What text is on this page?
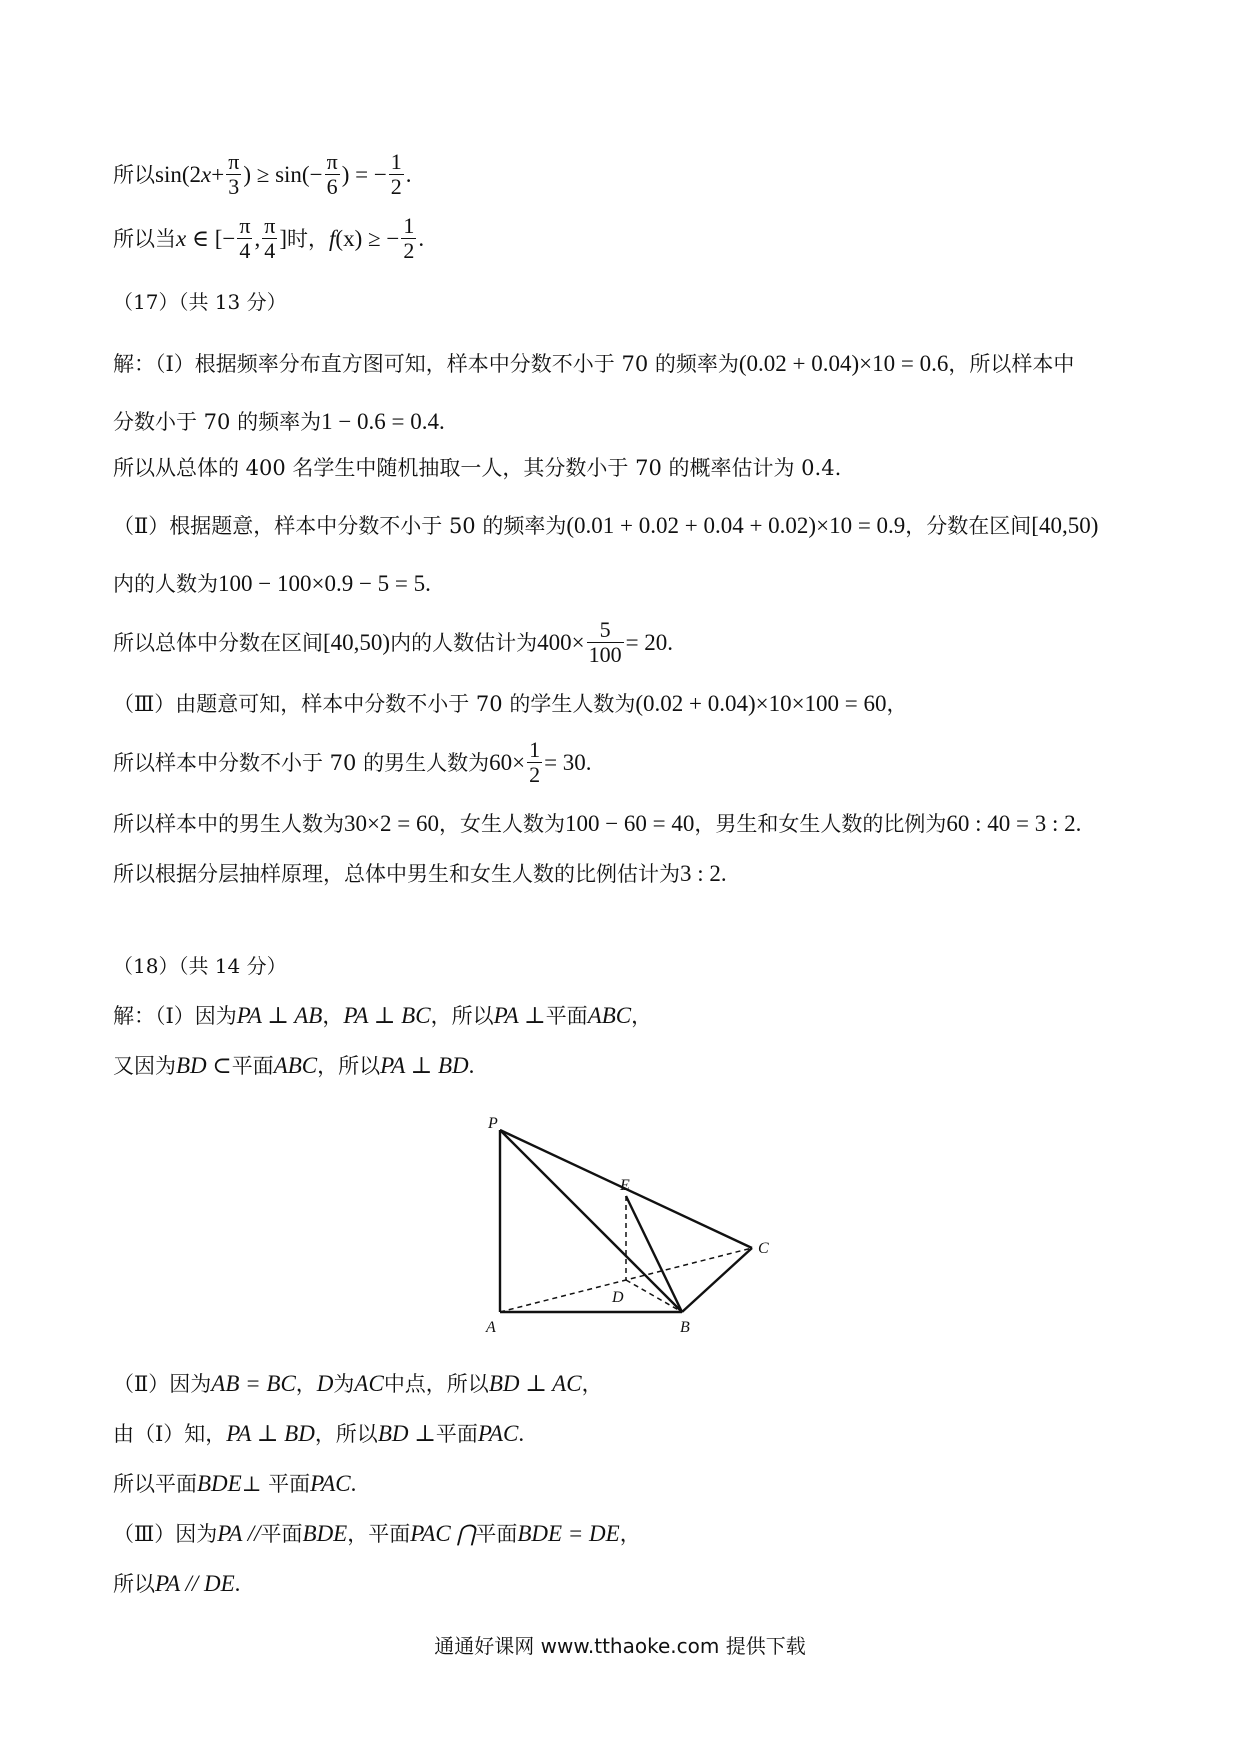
所以$\sin(2x+ \frac{\pi}{3}$ ) ≥ $\sin(- \frac{\pi}{6}$ ) = − $\frac{1}{2}$ .
所以当x ∈ [− $\frac{\pi}{4}$ , $\frac{\pi}{4}$ ]时，f(x) ≥ − $\frac{1}{2}$ .
（17）（共 13 分）
解：（Ⅰ）根据频率分布直方图可知，样本中分数不小于 70 的频率为(0.02 + 0.04)×10 = 0.6，所以样本中
分数小于 70 的频率为1 − 0.6 = 0.4.
所以从总体的 400 名学生中随机抽取一人，其分数小于 70 的概率估计为 0.4.
（Ⅱ）根据题意，样本中分数不小于 50 的频率为(0.01 + 0.02 + 0.04 + 0.02)×10 = 0.9，分数在区间[40,50)
内的人数为100 − 100×0.9 − 5 = 5.
所以总体中分数在区间[40,50)内的人数估计为$400\times \frac{5}{100} = 20$.
（Ⅲ）由题意可知，样本中分数不小于 70 的学生人数为(0.02 + 0.04)×10×100 = 60，
所以样本中分数不小于 70 的男生人数为$60\times \frac{1}{2} = 30$.
所以样本中的男生人数为30×2 = 60，女生人数为100 − 60 = 40，男生和女生人数的比例为60 : 40 = 3 : 2.
所以根据分层抽样原理，总体中男生和女生人数的比例估计为3 : 2.
（18）（共 14 分）
解：（Ⅰ）因为PA ⊥ AB，PA ⊥ BC，所以PA ⊥平面ABC，
又因为BD ⊂平面ABC，所以PA ⊥ BD.
P
E
C
D
A	B
（Ⅱ）因为AB = BC，D为AC中点，所以BD ⊥ AC，
由（Ⅰ）知，PA ⊥ BD，所以BD ⊥平面PAC.
所以平面BDE⊥ 平面PAC.
（Ⅲ）因为PA //平面BDE，平面PAC ⋂平面BDE = DE，
所以PA // DE.
通通好课网 www.tthaoke.com 提供下载
